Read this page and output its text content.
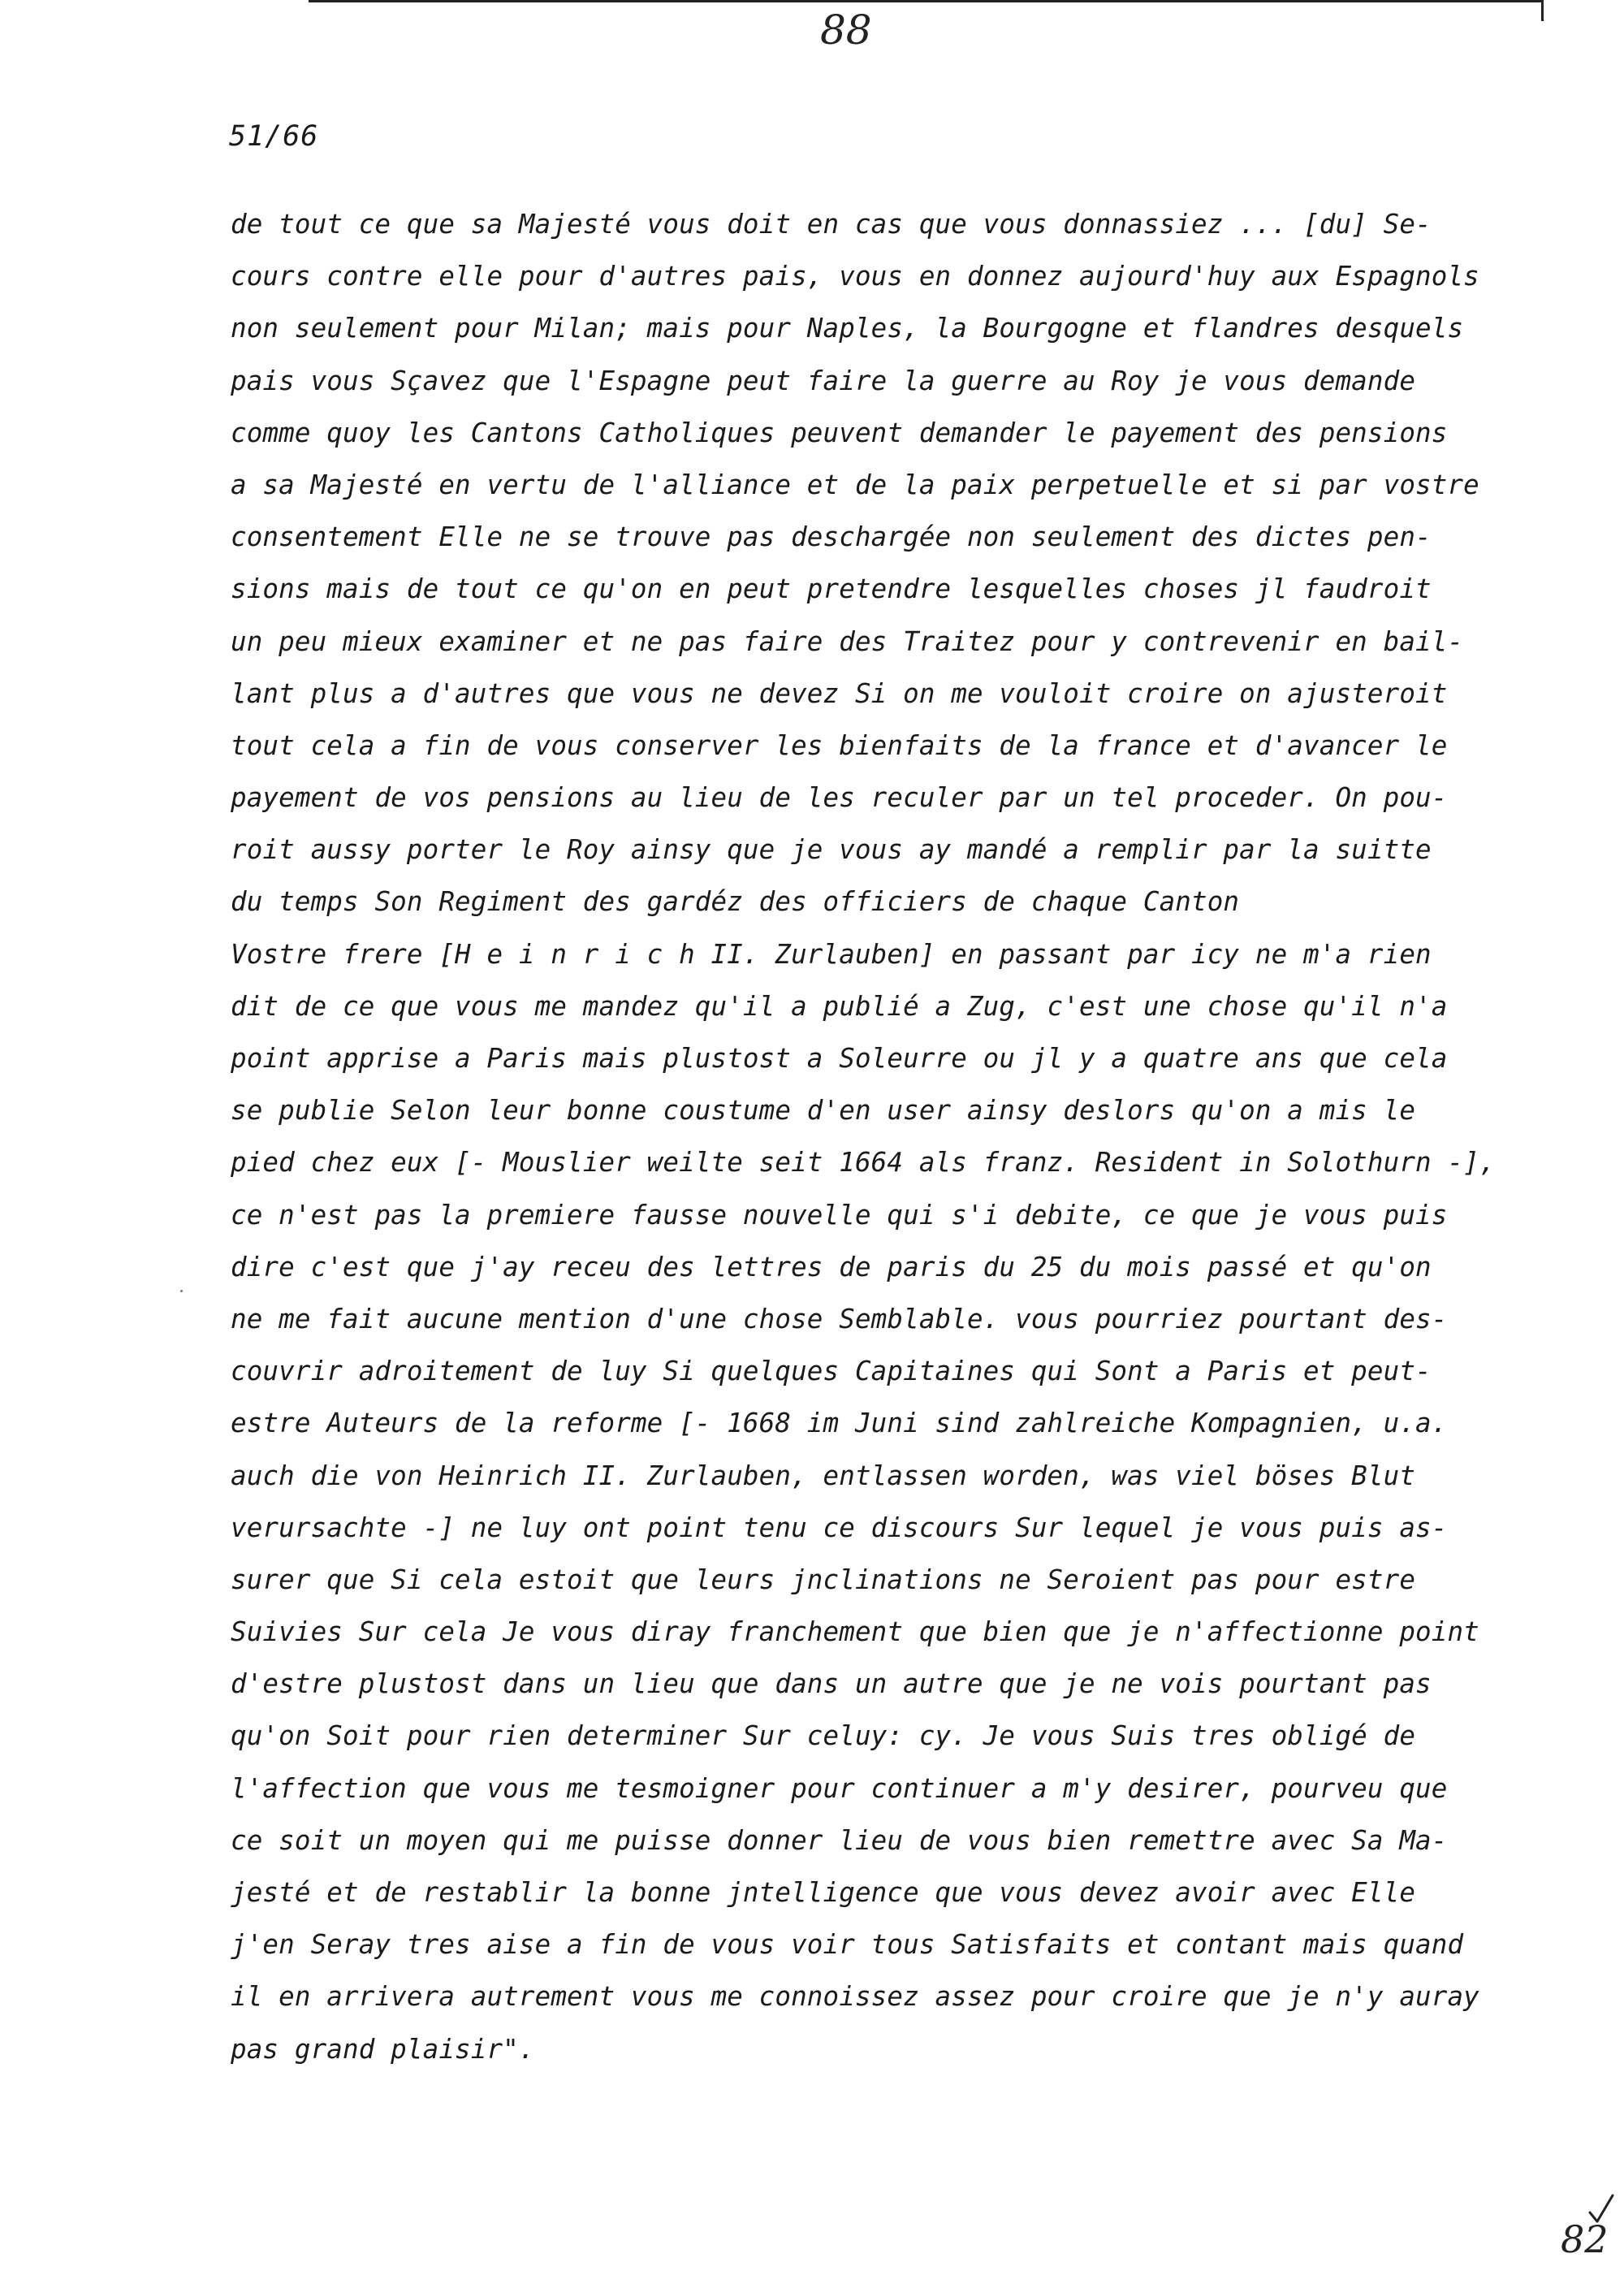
88
51/66
de tout ce que sa Majesté vous doit en cas que vous donnassiez ... [du] Se-
cours contre elle pour d'autres pais, vous en donnez aujourd'huy aux Espagnols
non seulement pour Milan; mais pour Naples, la Bourgogne et flandres desquels
pais vous Sçavez que l'Espagne peut faire la guerre au Roy je vous demande
comme quoy les Cantons Catholiques peuvent demander le payement des pensions
a sa Majesté en vertu de l'alliance et de la paix perpetuelle et si par vostre
consentement Elle ne se trouve pas deschargée non seulement des dictes pen-
sions mais de tout ce qu'on en peut pretendre lesquelles choses jl faudroit
un peu mieux examiner et ne pas faire des Traitez pour y contrevenir en bail-
lant plus a d'autres que vous ne devez Si on me vouloit croire on ajusteroit
tout cela a fin de vous conserver les bienfaits de la france et d'avancer le
payement de vos pensions au lieu de les reculer par un tel proceder. On pou-
roit aussy porter le Roy ainsy que je vous ay mandé a remplir par la suitte
du temps Son Regiment des gardéz des officiers de chaque Canton
Vostre frere [H e i n r i c h II. Zurlauben] en passant par icy ne m'a rien
dit de ce que vous me mandez qu'il a publié a Zug, c'est une chose qu'il n'a
point apprise a Paris mais plustost a Soleurre ou jl y a quatre ans que cela
se publie Selon leur bonne coustume d'en user ainsy deslors qu'on a mis le
pied chez eux [- Mouslier weilte seit 1664 als franz. Resident in Solothurn -],
ce n'est pas la premiere fausse nouvelle qui s'i debite, ce que je vous puis
dire c'est que j'ay receu des lettres de paris du 25 du mois passé et qu'on
ne me fait aucune mention d'une chose Semblable. vous pourriez pourtant des-
couvrir adroitement de luy Si quelques Capitaines qui Sont a Paris et peut-
estre Auteurs de la reforme [- 1668 im Juni sind zahlreiche Kompagnien, u.a.
auch die von Heinrich II. Zurlauben, entlassen worden, was viel böses Blut
verursachte -] ne luy ont point tenu ce discours Sur lequel je vous puis as-
surer que Si cela estoit que leurs jnclinations ne Seroient pas pour estre
Suivies Sur cela Je vous diray franchement que bien que je n'affectionne point
d'estre plustost dans un lieu que dans un autre que je ne vois pourtant pas
qu'on Soit pour rien determiner Sur celuy: cy. Je vous Suis tres obligé de
l'affection que vous me tesmoigner pour continuer a m'y desirer, pourveu que
ce soit un moyen qui me puisse donner lieu de vous bien remettre avec Sa Ma-
jesté et de restablir la bonne jntelligence que vous devez avoir avec Elle
j'en Seray tres aise a fin de vous voir tous Satisfaits et contant mais quand
il en arrivera autrement vous me connoissez assez pour croire que je n'y auray
pas grand plaisir".
82
